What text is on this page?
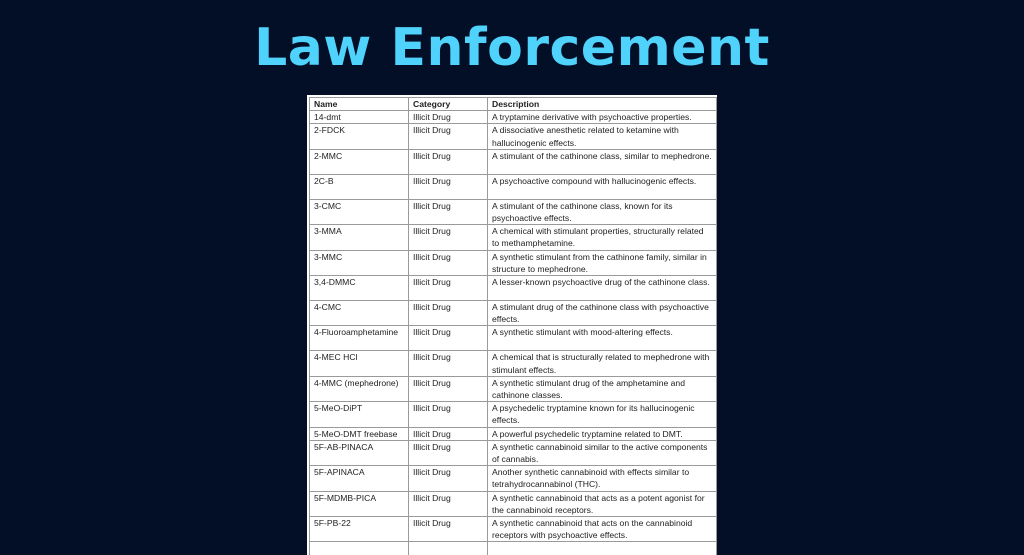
Law Enforcement
Name	Category	Description
14-dmt	Illicit Drug	A tryptamine derivative with psychoactive properties.
2-FDCK	Illicit Drug	A dissociative anesthetic related to ketamine with hallucinogenic effects.
2-MMC	Illicit Drug	A stimulant of the cathinone class, similar to mephedrone.
2C-B	Illicit Drug	A psychoactive compound with hallucinogenic effects.
3-CMC	Illicit Drug	A stimulant of the cathinone class, known for its psychoactive effects.
3-MMA	Illicit Drug	A chemical with stimulant properties, structurally related to methamphetamine.
3-MMC	Illicit Drug	A synthetic stimulant from the cathinone family, similar in structure to mephedrone.
3,4-DMMC	Illicit Drug	A lesser-known psychoactive drug of the cathinone class.
4-CMC	Illicit Drug	A stimulant drug of the cathinone class with psychoactive effects.
4-Fluoroamphetamine	Illicit Drug	A synthetic stimulant with mood-altering effects.
4-MEC HCl	Illicit Drug	A chemical that is structurally related to mephedrone with stimulant effects.
4-MMC (mephedrone)	Illicit Drug	A synthetic stimulant drug of the amphetamine and cathinone classes.
5-MeO-DiPT	Illicit Drug	A psychedelic tryptamine known for its hallucinogenic effects.
5-MeO-DMT freebase	Illicit Drug	A powerful psychedelic tryptamine related to DMT.
5F-AB-PINACA	Illicit Drug	A synthetic cannabinoid similar to the active components of cannabis.
5F-APINACA	Illicit Drug	Another synthetic cannabinoid with effects similar to tetrahydrocannabinol (THC).
5F-MDMB-PICA	Illicit Drug	A synthetic cannabinoid that acts as a potent agonist for the cannabinoid receptors.
5F-PB-22	Illicit Drug	A synthetic cannabinoid that acts on the cannabinoid receptors with psychoactive effects.
